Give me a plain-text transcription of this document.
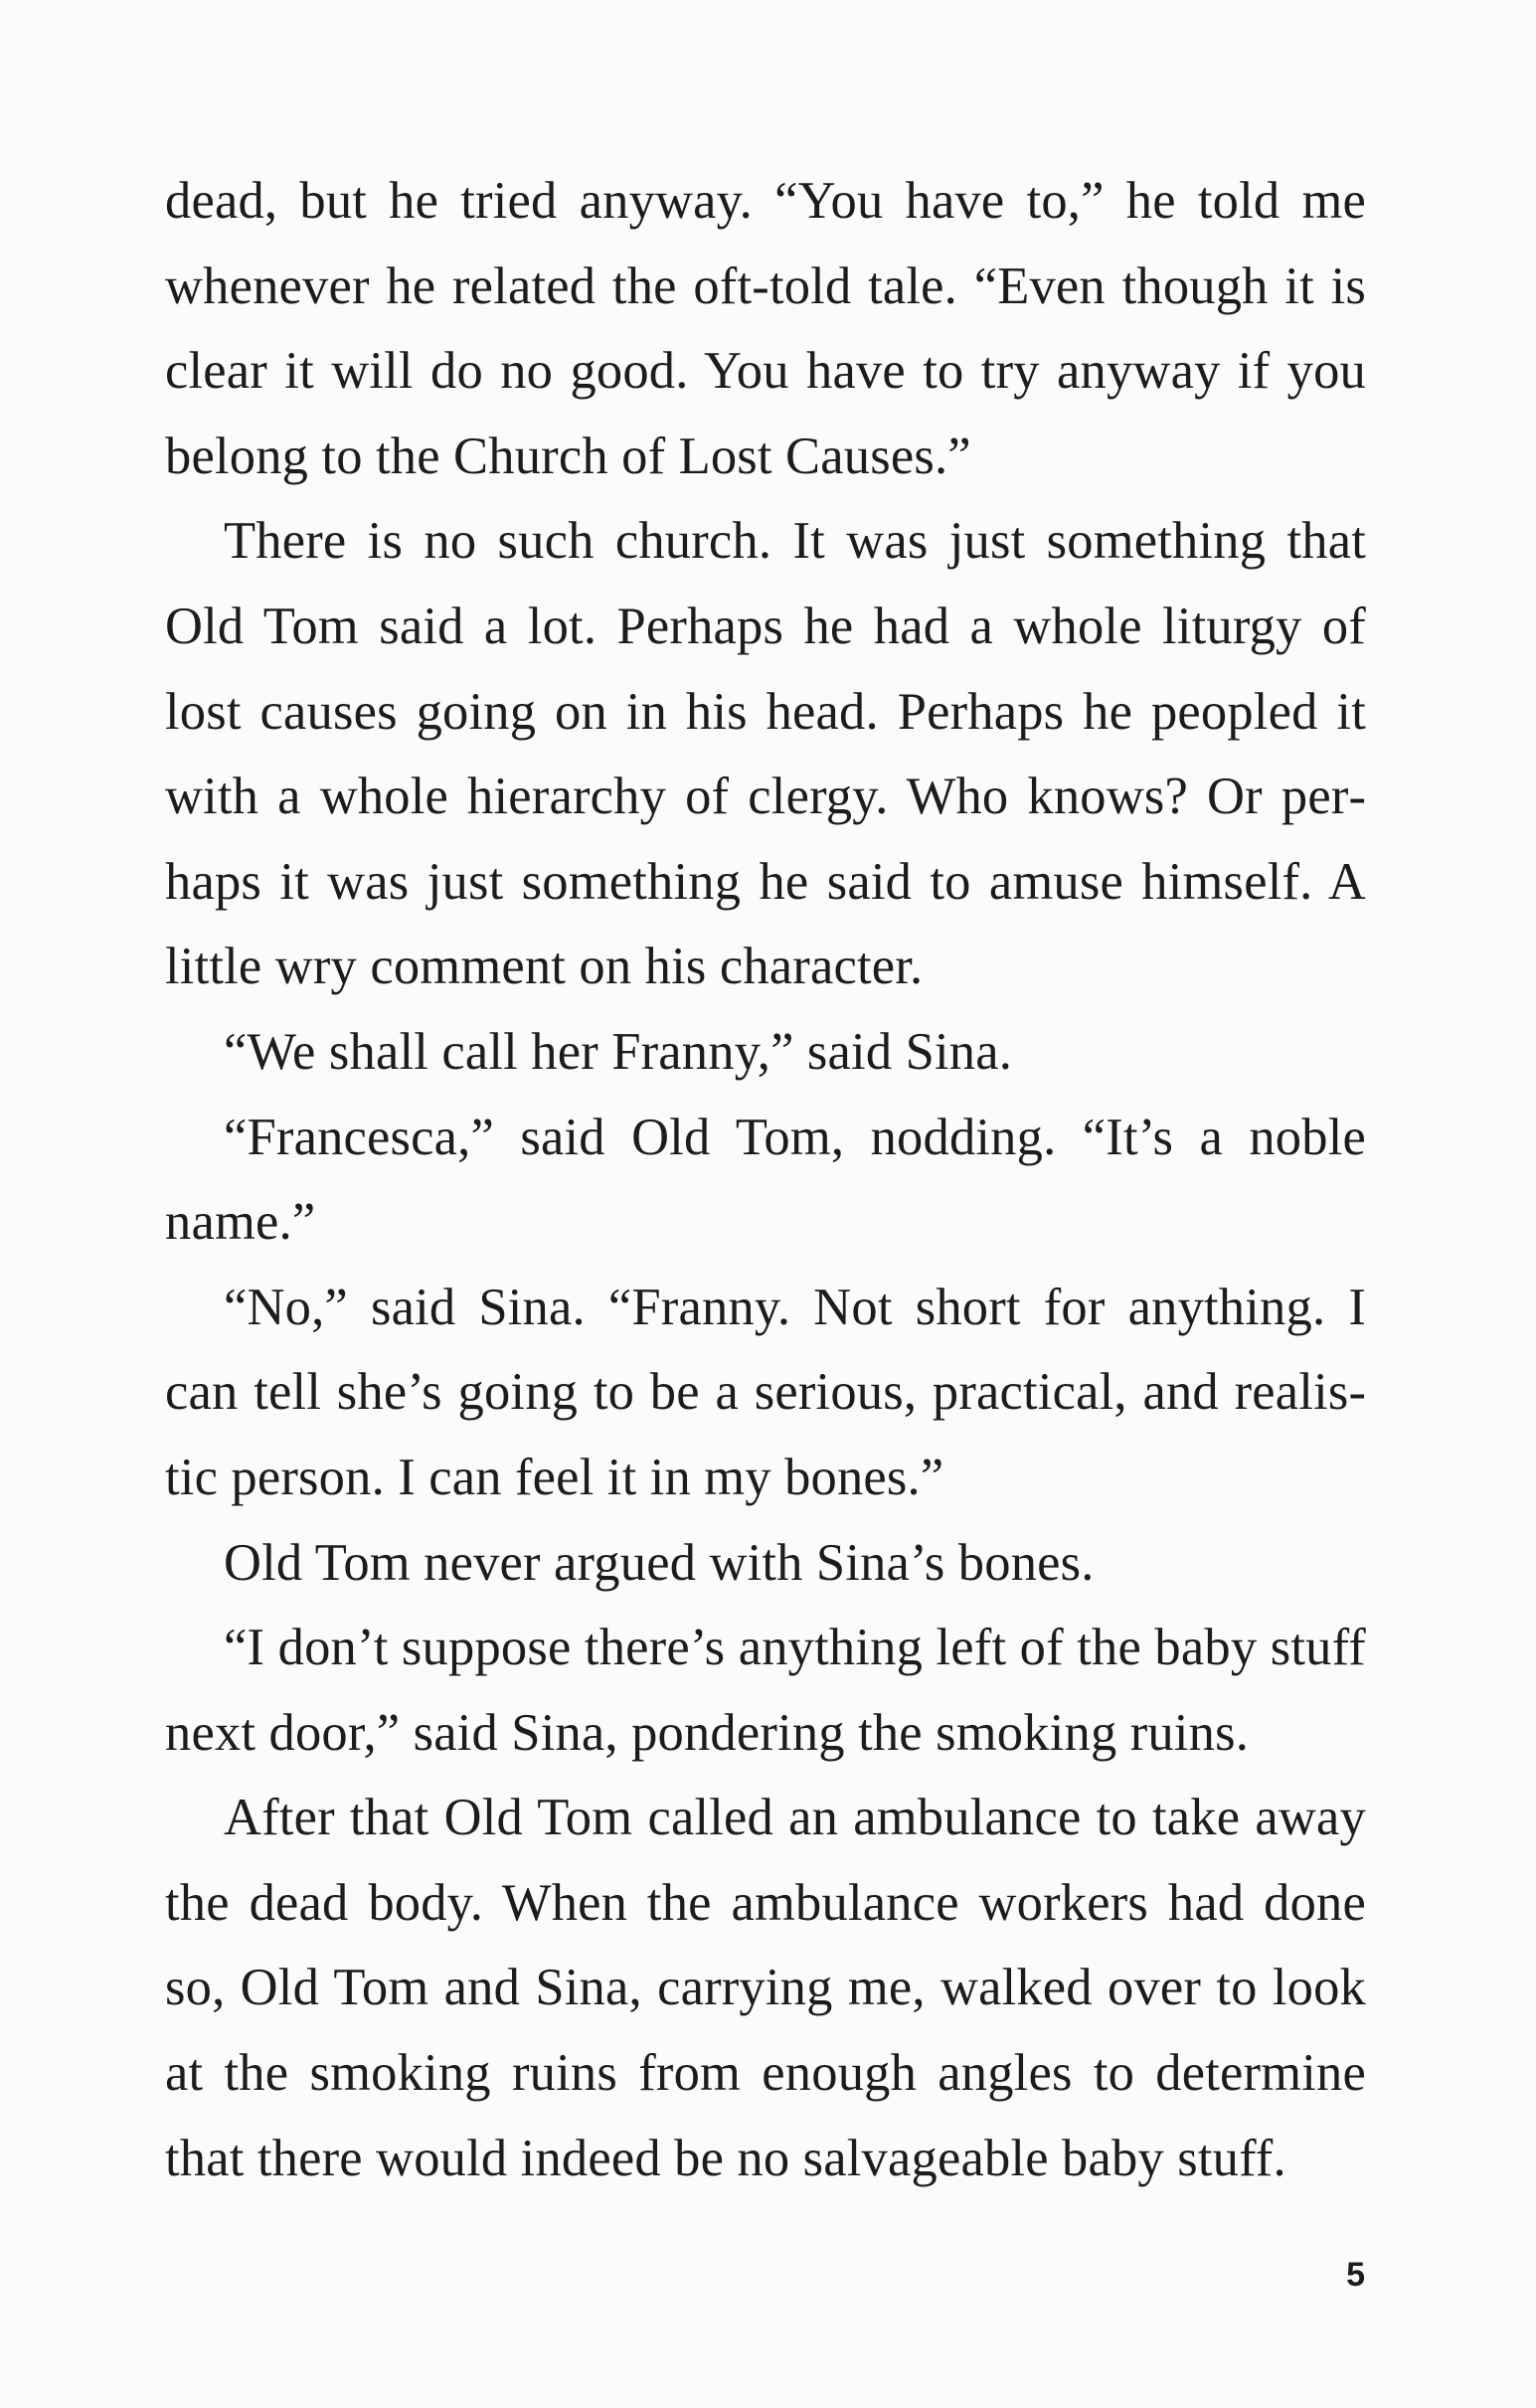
dead, but he tried anyway. “You have to,” he told me whenever he related the oft-told tale. “Even though it is clear it will do no good. You have to try anyway if you belong to the Church of Lost Causes.”

There is no such church. It was just something that Old Tom said a lot. Perhaps he had a whole liturgy of lost causes going on in his head. Perhaps he peopled it with a whole hierarchy of clergy. Who knows? Or perhaps it was just something he said to amuse himself. A little wry comment on his character.

“We shall call her Franny,” said Sina.

“Francesca,” said Old Tom, nodding. “It’s a noble name.”

“No,” said Sina. “Franny. Not short for anything. I can tell she’s going to be a serious, practical, and realistic person. I can feel it in my bones.”

Old Tom never argued with Sina’s bones.

“I don’t suppose there’s anything left of the baby stuff next door,” said Sina, pondering the smoking ruins.

After that Old Tom called an ambulance to take away the dead body. When the ambulance workers had done so, Old Tom and Sina, carrying me, walked over to look at the smoking ruins from enough angles to determine that there would indeed be no salvageable baby stuff.

5
